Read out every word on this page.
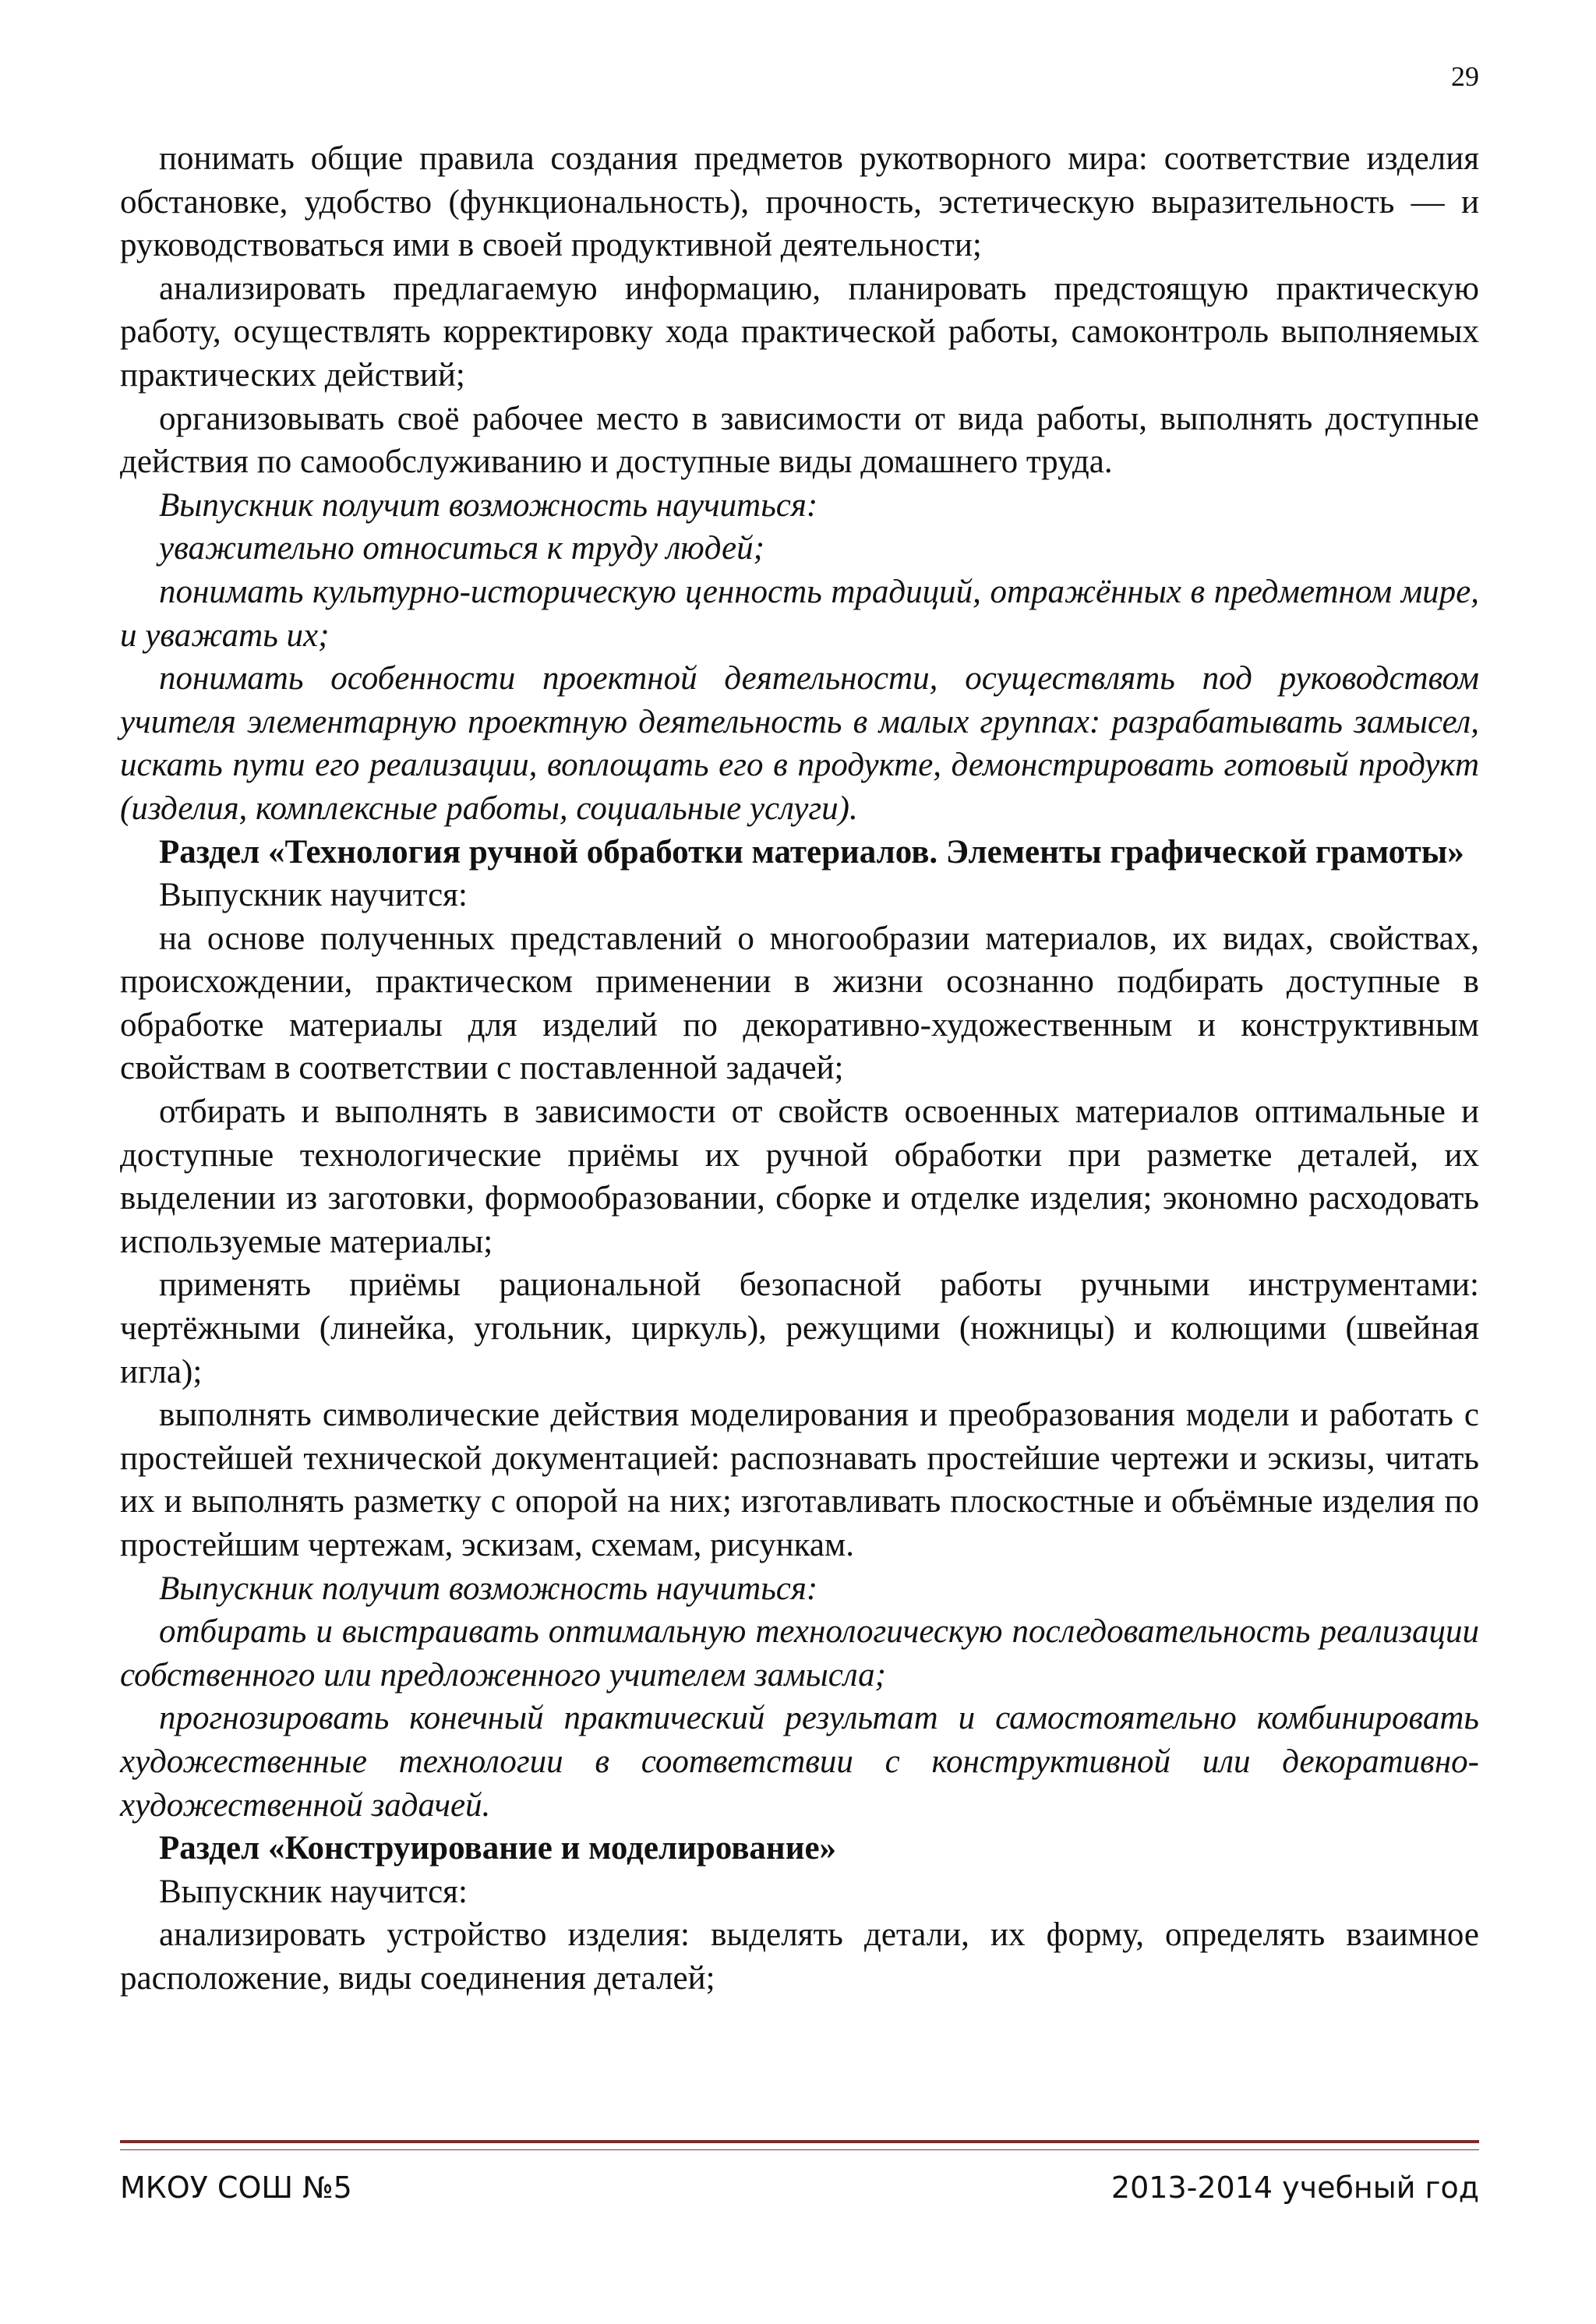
29

понимать общие правила создания предметов рукотворного мира: соответствие изделия обстановке, удобство (функциональность), прочность, эстетическую выразительность — и руководствоваться ими в своей продуктивной деятельности;

анализировать предлагаемую информацию, планировать предстоящую практическую работу, осуществлять корректировку хода практической работы, самоконтроль выполняемых практических действий;

организовывать своё рабочее место в зависимости от вида работы, выполнять доступные действия по самообслуживанию и доступные виды домашнего труда.

Выпускник получит возможность научиться:

уважительно относиться к труду людей;

понимать культурно-историческую ценность традиций, отражённых в предметном мире, и уважать их;

понимать особенности проектной деятельности, осуществлять под руководством учителя элементарную проектную деятельность в малых группах: разрабатывать замысел, искать пути его реализации, воплощать его в продукте, демонстрировать готовый продукт (изделия, комплексные работы, социальные услуги).

Раздел «Технология ручной обработки материалов. Элементы графической грамоты»

Выпускник научится:

на основе полученных представлений о многообразии материалов, их видах, свойствах, происхождении, практическом применении в жизни осознанно подбирать доступные в обработке материалы для изделий по декоративно-художественным и конструктивным свойствам в соответствии с поставленной задачей;

отбирать и выполнять в зависимости от свойств освоенных материалов оптимальные и доступные технологические приёмы их ручной обработки при разметке деталей, их выделении из заготовки, формообразовании, сборке и отделке изделия; экономно расходовать используемые материалы;

применять приёмы рациональной безопасной работы ручными инструментами: чертёжными (линейка, угольник, циркуль), режущими (ножницы) и колющими (швейная игла);

выполнять символические действия моделирования и преобразования модели и работать с простейшей технической документацией: распознавать простейшие чертежи и эскизы, читать их и выполнять разметку с опорой на них; изготавливать плоскостные и объёмные изделия по простейшим чертежам, эскизам, схемам, рисункам.

Выпускник получит возможность научиться:

отбирать и выстраивать оптимальную технологическую последовательность реализации собственного или предложенного учителем замысла;

прогнозировать конечный практический результат и самостоятельно комбинировать художественные технологии в соответствии с конструктивной или декоративно-художественной задачей.

Раздел «Конструирование и моделирование»

Выпускник научится:

анализировать устройство изделия: выделять детали, их форму, определять взаимное расположение, виды соединения деталей;

МКОУ СОШ №5	2013-2014 учебный год
